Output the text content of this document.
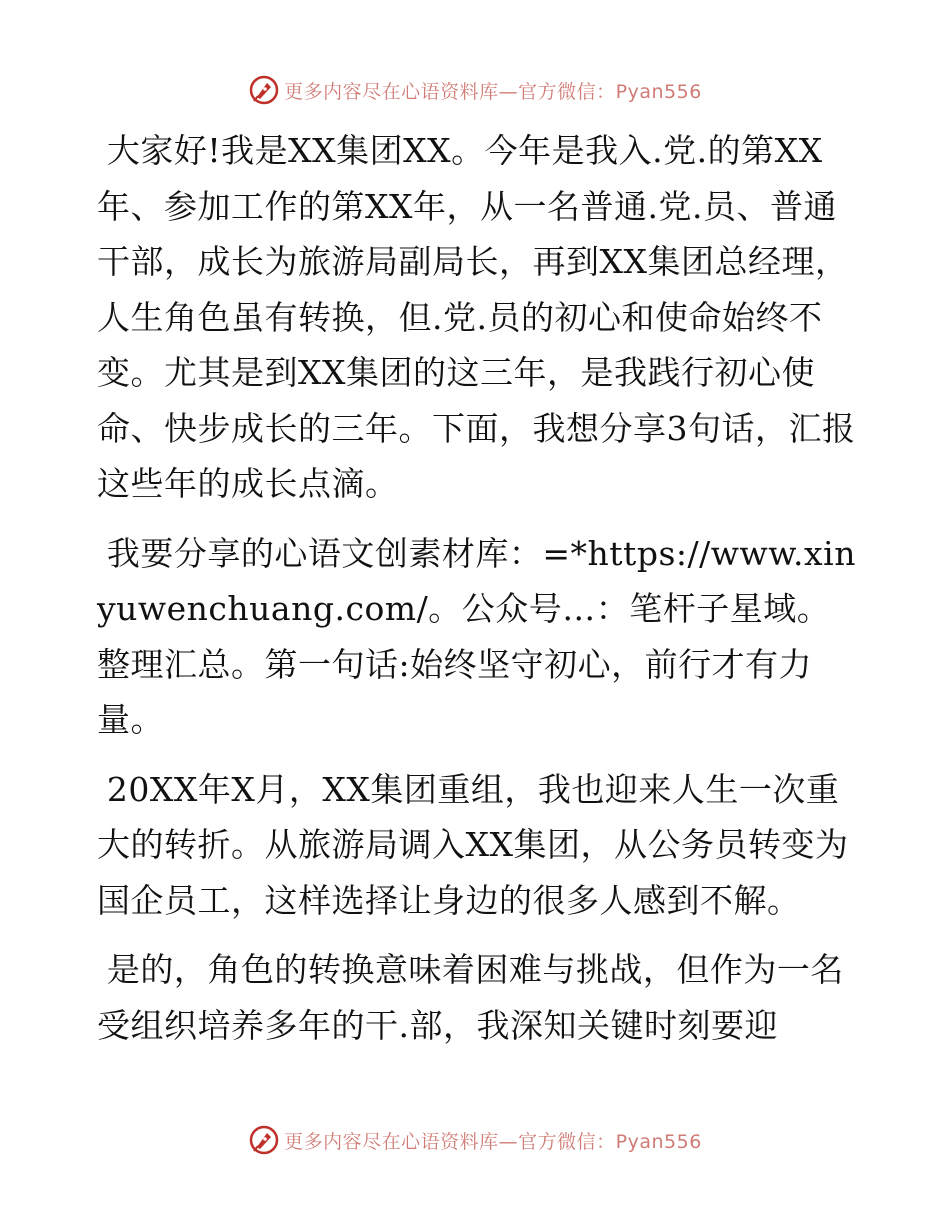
更多内容尽在心语资料库—官方微信：Pyan556

大家好!我是XX集团XX。今年是我入.党.的第XX年、参加工作的第XX年，从一名普通.党.员、普通干部，成长为旅游局副局长，再到XX集团总经理，人生角色虽有转换，但.党.员的初心和使命始终不变。尤其是到XX集团的这三年，是我践行初心使命、快步成长的三年。下面，我想分享3句话，汇报这些年的成长点滴。

我要分享的心语文创素材库：=*https://www.xinyuwenchuang.com/。公众号…：笔杆子星域。整理汇总。第一句话:始终坚守初心，前行才有力量。

20XX年X月，XX集团重组，我也迎来人生一次重大的转折。从旅游局调入XX集团，从公务员转变为国企员工，这样选择让身边的很多人感到不解。

是的，角色的转换意味着困难与挑战，但作为一名受组织培养多年的干.部，我深知关键时刻要迎

更多内容尽在心语资料库—官方微信：Pyan556
